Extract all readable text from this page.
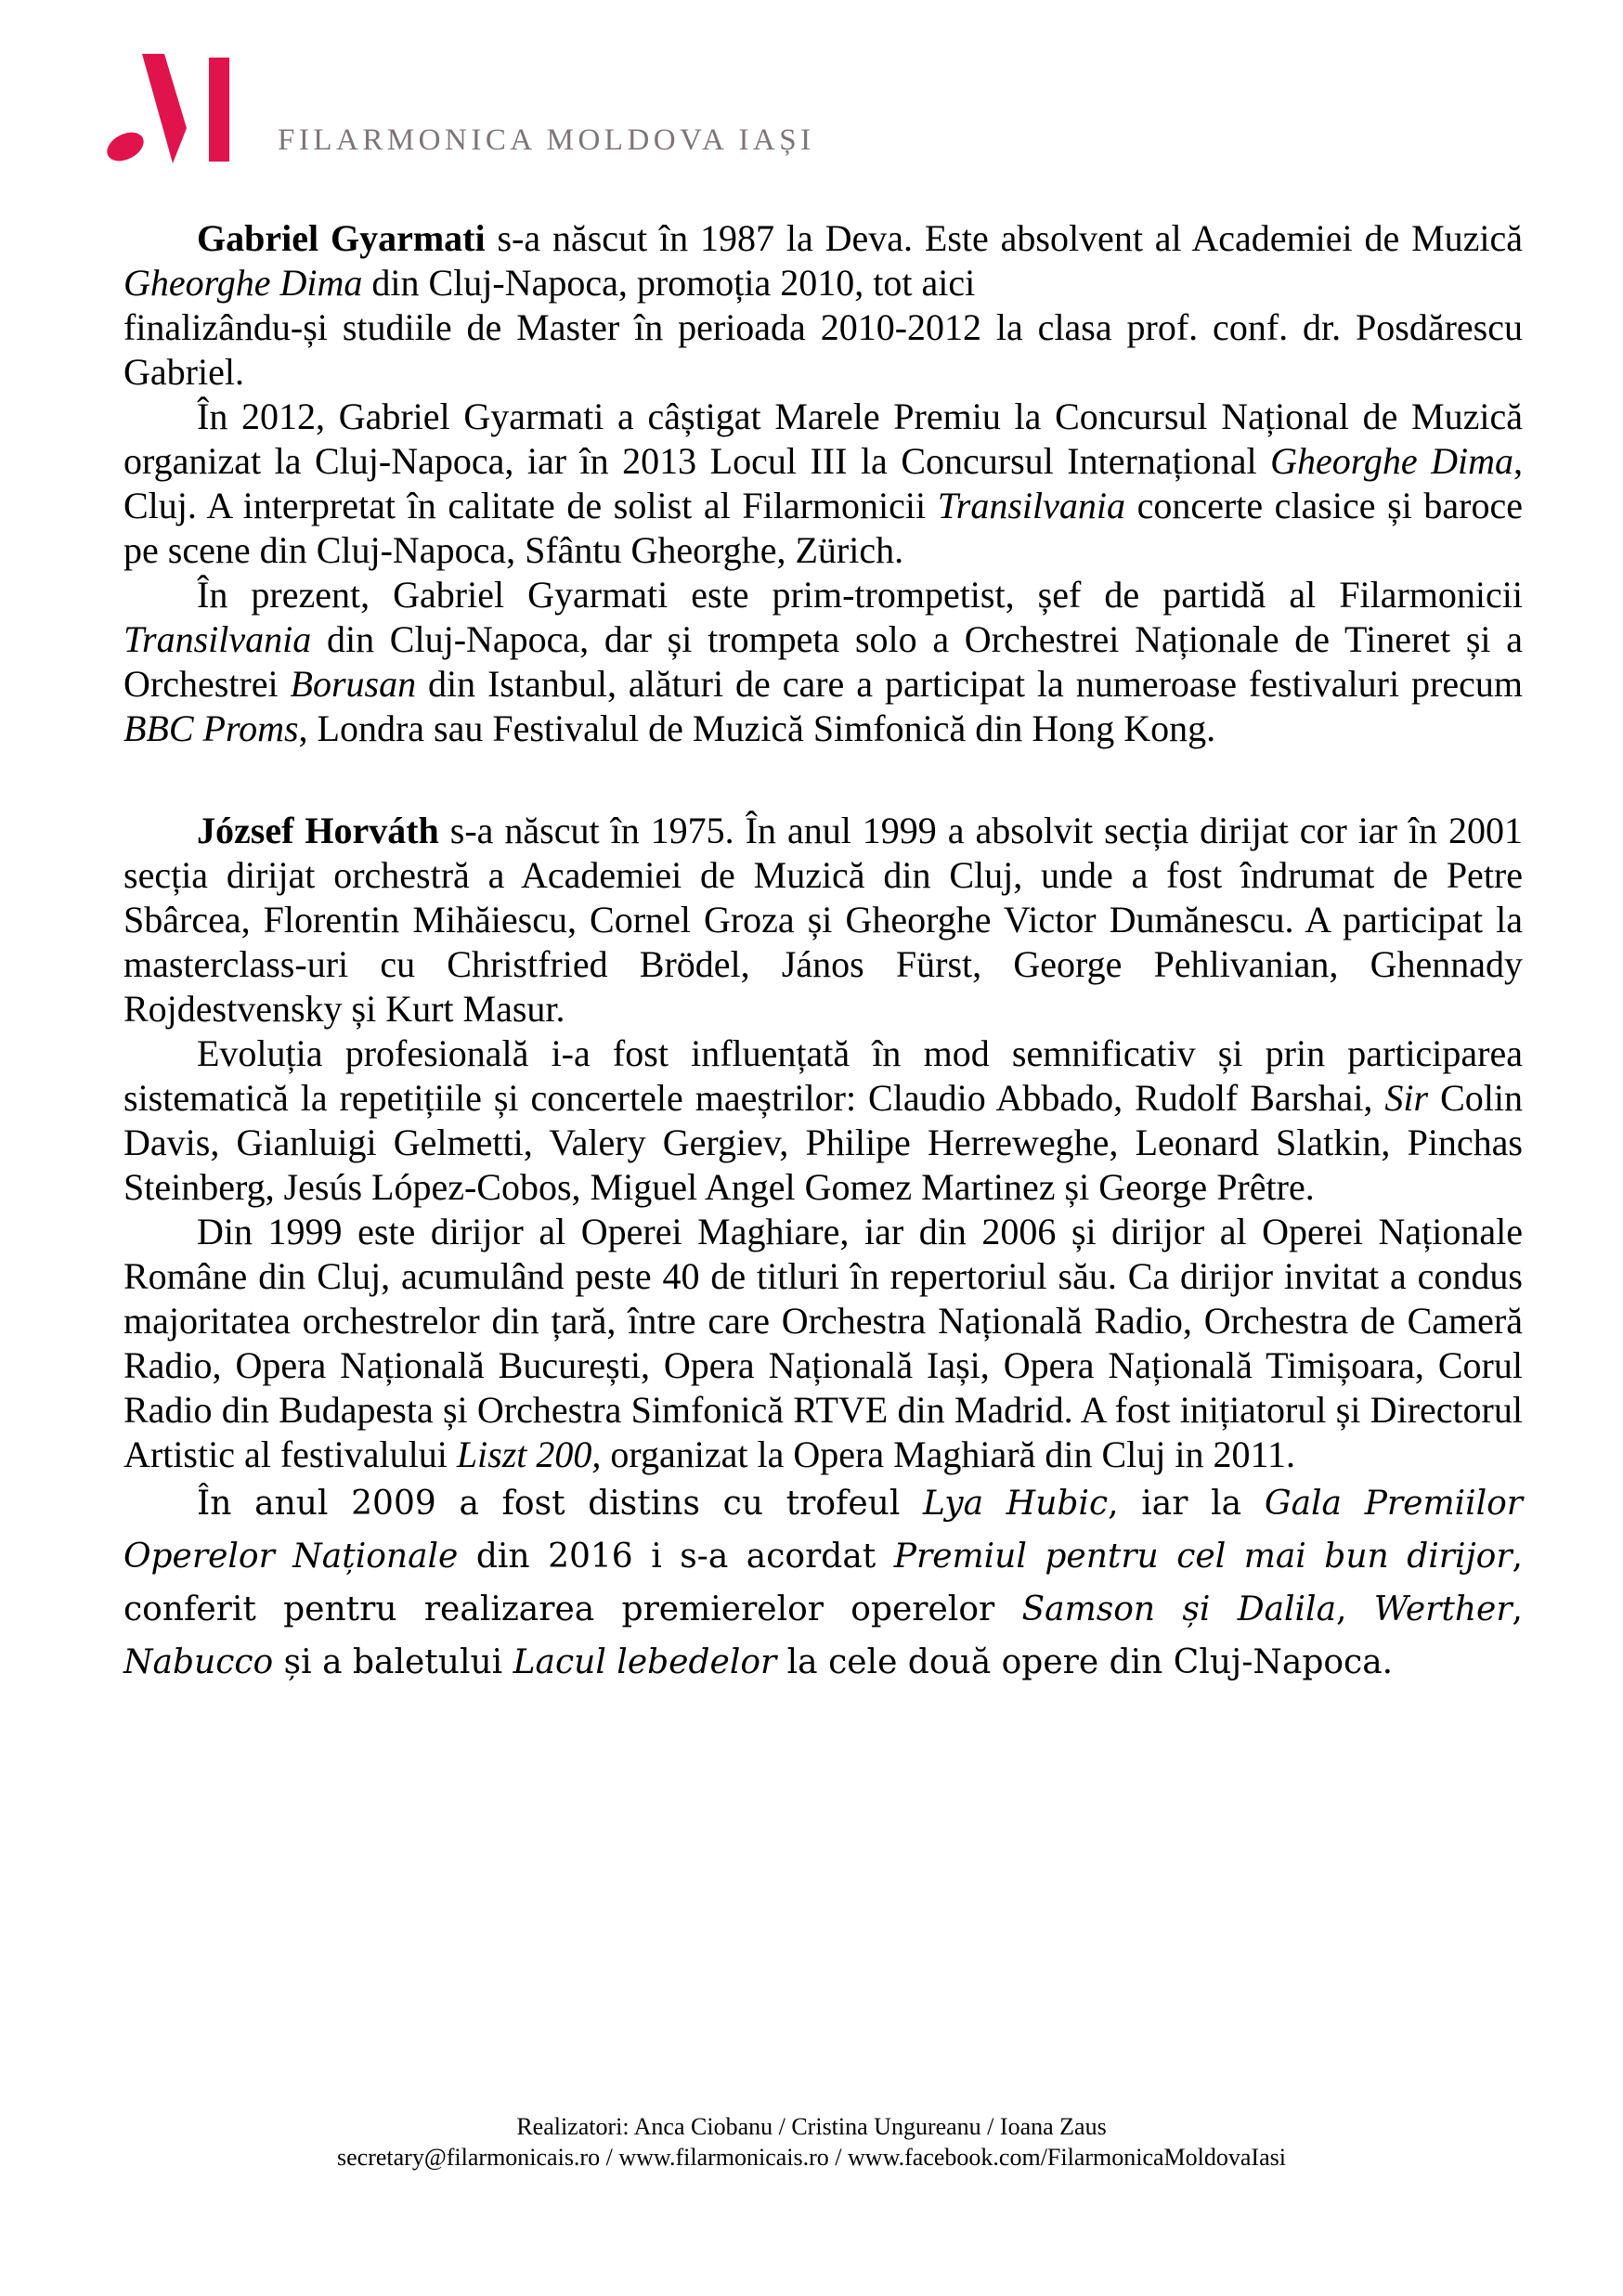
FILARMONICA MOLDOVA IAȘI

Gabriel Gyarmati s-a născut în 1987 la Deva. Este absolvent al Academiei de Muzică Gheorghe Dima din Cluj-Napoca, promoția 2010, tot aici
finalizându-și studiile de Master în perioada 2010-2012 la clasa prof. conf. dr. Posdărescu Gabriel.

În 2012, Gabriel Gyarmati a câștigat Marele Premiu la Concursul Național de Muzică organizat la Cluj-Napoca, iar în 2013 Locul III la Concursul Internațional Gheorghe Dima, Cluj. A interpretat în calitate de solist al Filarmonicii Transilvania concerte clasice și baroce pe scene din Cluj-Napoca, Sfântu Gheorghe, Zürich.

În prezent, Gabriel Gyarmati este prim-trompetist, șef de partidă al Filarmonicii Transilvania din Cluj-Napoca, dar și trompeta solo a Orchestrei Naționale de Tineret și a Orchestrei Borusan din Istanbul, alături de care a participat la numeroase festivaluri precum BBC Proms, Londra sau Festivalul de Muzică Simfonică din Hong Kong.

József Horváth s-a născut în 1975. În anul 1999 a absolvit secția dirijat cor iar în 2001 secția dirijat orchestră a Academiei de Muzică din Cluj, unde a fost îndrumat de Petre Sbârcea, Florentin Mihăiescu, Cornel Groza și Gheorghe Victor Dumănescu. A participat la masterclass-uri cu Christfried Brödel, János Fürst, George Pehlivanian, Ghennady Rojdestvensky și Kurt Masur.

Evoluția profesională i-a fost influențată în mod semnificativ și prin participarea sistematică la repetițiile și concertele maeștrilor: Claudio Abbado, Rudolf Barshai, Sir Colin Davis, Gianluigi Gelmetti, Valery Gergiev, Philipe Herreweghe, Leonard Slatkin, Pinchas Steinberg, Jesús López-Cobos, Miguel Angel Gomez Martinez și George Prêtre.

Din 1999 este dirijor al Operei Maghiare, iar din 2006 și dirijor al Operei Naționale Române din Cluj, acumulând peste 40 de titluri în repertoriul său. Ca dirijor invitat a condus majoritatea orchestrelor din țară, între care Orchestra Națională Radio, Orchestra de Cameră Radio, Opera Națională București, Opera Națională Iași, Opera Națională Timișoara, Corul Radio din Budapesta și Orchestra Simfonică RTVE din Madrid. A fost inițiatorul și Directorul Artistic al festivalului Liszt 200, organizat la Opera Maghiară din Cluj in 2011.

În anul 2009 a fost distins cu trofeul Lya Hubic, iar la Gala Premiilor Operelor Naționale din 2016 i s-a acordat Premiul pentru cel mai bun dirijor, conferit pentru realizarea premierelor operelor Samson și Dalila, Werther, Nabucco și a baletului Lacul lebedelor la cele două opere din Cluj-Napoca.

Realizatori: Anca Ciobanu / Cristina Ungureanu / Ioana Zaus
secretary@filarmonicais.ro / www.filarmonicais.ro / www.facebook.com/FilarmonicaMoldovaIasi
